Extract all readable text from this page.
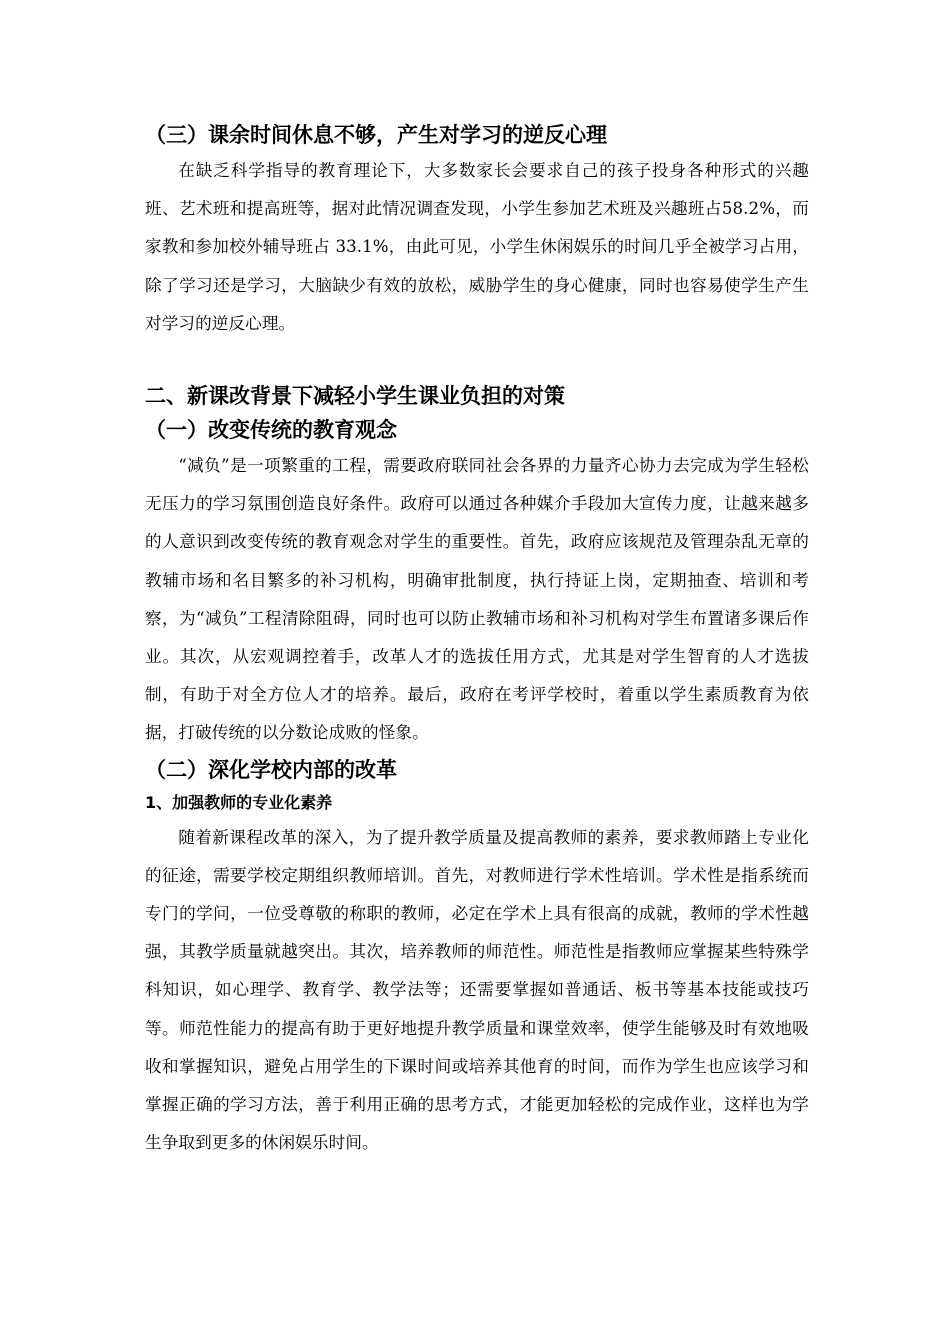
（三）课余时间休息不够，产生对学习的逆反心理

在缺乏科学指导的教育理论下，大多数家长会要求自己的孩子投身各种形式的兴趣班、艺术班和提高班等，据对此情况调查发现，小学生参加艺术班及兴趣班占58.2%，而家教和参加校外辅导班占 33.1%，由此可见，小学生休闲娱乐的时间几乎全被学习占用，除了学习还是学习，大脑缺少有效的放松，威胁学生的身心健康，同时也容易使学生产生对学习的逆反心理。

二、新课改背景下减轻小学生课业负担的对策
（一）改变传统的教育观念

“减负”是一项繁重的工程，需要政府联同社会各界的力量齐心协力去完成为学生轻松无压力的学习氛围创造良好条件。政府可以通过各种媒介手段加大宣传力度，让越来越多的人意识到改变传统的教育观念对学生的重要性。首先，政府应该规范及管理杂乱无章的教辅市场和名目繁多的补习机构，明确审批制度，执行持证上岗，定期抽查、培训和考察，为“减负”工程清除阻碍，同时也可以防止教辅市场和补习机构对学生布置诸多课后作业。其次，从宏观调控着手，改革人才的选拔任用方式，尤其是对学生智育的人才选拔制，有助于对全方位人才的培养。最后，政府在考评学校时，着重以学生素质教育为依据，打破传统的以分数论成败的怪象。

（二）深化学校内部的改革
1、加强教师的专业化素养

随着新课程改革的深入，为了提升教学质量及提高教师的素养，要求教师踏上专业化的征途，需要学校定期组织教师培训。首先，对教师进行学术性培训。学术性是指系统而专门的学问，一位受尊敬的称职的教师，必定在学术上具有很高的成就，教师的学术性越强，其教学质量就越突出。其次，培养教师的师范性。师范性是指教师应掌握某些特殊学科知识，如心理学、教育学、教学法等；还需要掌握如普通话、板书等基本技能或技巧等。师范性能力的提高有助于更好地提升教学质量和课堂效率，使学生能够及时有效地吸收和掌握知识，避免占用学生的下课时间或培养其他育的时间，而作为学生也应该学习和掌握正确的学习方法，善于利用正确的思考方式，才能更加轻松的完成作业，这样也为学生争取到更多的休闲娱乐时间。
